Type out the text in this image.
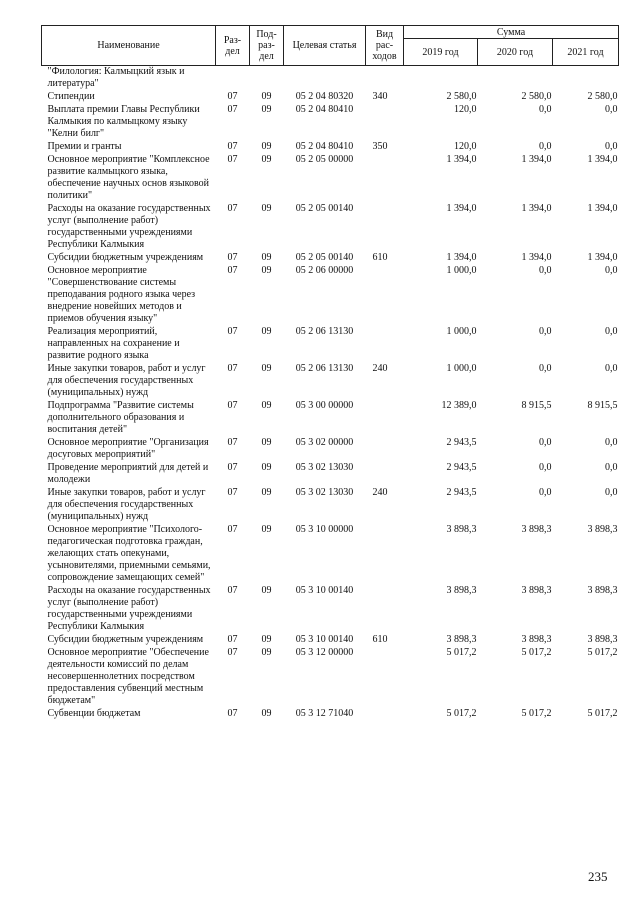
Наименование	Раз-дел	Под-раз-дел	Целевая статья	Вид рас-ходов	Сумма		
					2019 год	2020 год	2021 год
"Филология: Калмыцкий язык и литература"							
Стипендии	07	09	05 2 04 80320	340	2 580,0	2 580,0	2 580,0
Выплата премии Главы Республики Калмыкия по калмыцкому языку "Келни билг"	07	09	05 2 04 80410		120,0	0,0	0,0
Премии и гранты	07	09	05 2 04 80410	350	120,0	0,0	0,0
Основное мероприятие "Комплексное развитие калмыцкого языка, обеспечение научных основ языковой политики"	07	09	05 2 05 00000		1 394,0	1 394,0	1 394,0
Расходы на оказание государственных услуг (выполнение работ) государственными учреждениями Республики Калмыкия	07	09	05 2 05 00140		1 394,0	1 394,0	1 394,0
Субсидии бюджетным учреждениям	07	09	05 2 05 00140	610	1 394,0	1 394,0	1 394,0
Основное мероприятие "Совершенствование системы преподавания родного языка через внедрение новейших методов и приемов обучения языку"	07	09	05 2 06 00000		1 000,0	0,0	0,0
Реализация мероприятий, направленных на сохранение и развитие родного языка	07	09	05 2 06 13130		1 000,0	0,0	0,0
Иные закупки товаров, работ и услуг для обеспечения государственных (муниципальных) нужд	07	09	05 2 06 13130	240	1 000,0	0,0	0,0
Подпрограмма "Развитие системы дополнительного образования и воспитания детей"	07	09	05 3 00 00000		12 389,0	8 915,5	8 915,5
Основное мероприятие "Организация досуговых мероприятий"	07	09	05 3 02 00000		2 943,5	0,0	0,0
Проведение мероприятий для детей и молодежи	07	09	05 3 02 13030		2 943,5	0,0	0,0
Иные закупки товаров, работ и услуг для обеспечения государственных (муниципальных) нужд	07	09	05 3 02 13030	240	2 943,5	0,0	0,0
Основное мероприятие "Психолого-педагогическая подготовка граждан, желающих стать опекунами, усыновителями, приемными семьями, сопровождение замещающих семей"	07	09	05 3 10 00000		3 898,3	3 898,3	3 898,3
Расходы на оказание государственных услуг (выполнение работ) государственными учреждениями Республики Калмыкия	07	09	05 3 10 00140		3 898,3	3 898,3	3 898,3
Субсидии бюджетным учреждениям	07	09	05 3 10 00140	610	3 898,3	3 898,3	3 898,3
Основное мероприятие "Обеспечение деятельности комиссий по делам несовершеннолетних посредством предоставления субвенций местным бюджетам"	07	09	05 3 12 00000		5 017,2	5 017,2	5 017,2
Субвенции бюджетам	07	09	05 3 12 71040		5 017,2	5 017,2	5 017,2
235
